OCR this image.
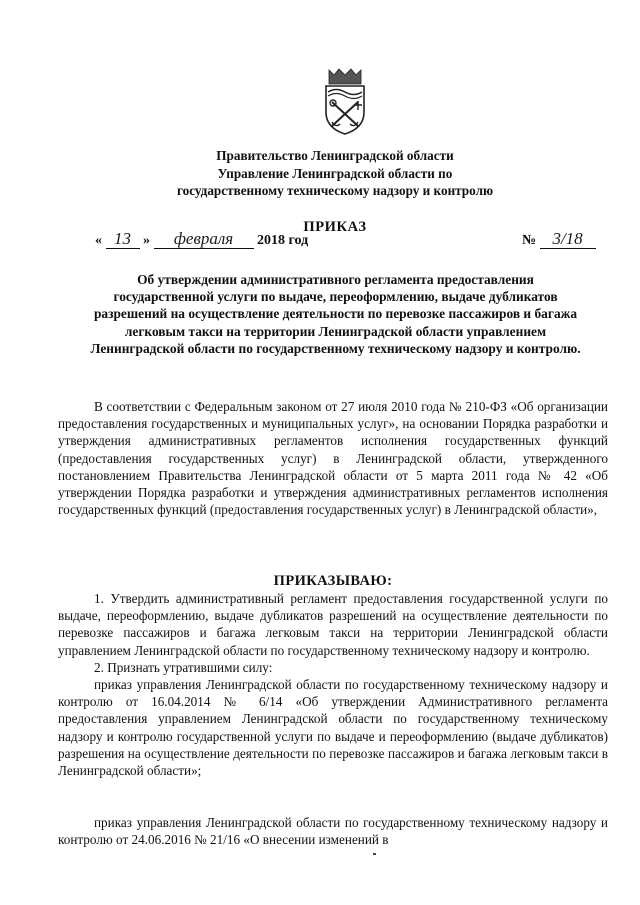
Правительство Ленинградской области
Управление Ленинградской области по
государственному техническому надзору и контролю
ПРИКАЗ
« 13 » февраля 2018 год	№ 3/18
Об утверждении административного регламента предоставления государственной услуги по выдаче, переоформлению, выдаче дубликатов разрешений на осуществление деятельности по перевозке пассажиров и багажа легковым такси на территории Ленинградской области управлением Ленинградской области по государственному техническому надзору и контролю.
В соответствии с Федеральным законом от 27 июля 2010 года № 210-ФЗ «Об организации предоставления государственных и муниципальных услуг», на основании Порядка разработки и утверждения административных регламентов исполнения государственных функций (предоставления государственных услуг) в Ленинградской области, утвержденного постановлением Правительства Ленинградской области от 5 марта 2011 года № 42 «Об утверждении Порядка разработки и утверждения административных регламентов исполнения государственных функций (предоставления государственных услуг) в Ленинградской области»,
ПРИКАЗЫВАЮ:
1. Утвердить административный регламент предоставления государственной услуги по выдаче, переоформлению, выдаче дубликатов разрешений на осуществление деятельности по перевозке пассажиров и багажа легковым такси на территории Ленинградской области управлением Ленинградской области по государственному техническому надзору и контролю.
2. Признать утратившими силу:
приказ управления Ленинградской области по государственному техническому надзору и контролю от 16.04.2014 № 6/14 «Об утверждении Административного регламента предоставления управлением Ленинградской области по государственному техническому надзору и контролю государственной услуги по выдаче и переоформлению (выдаче дубликатов) разрешения на осуществление деятельности по перевозке пассажиров и багажа легковым такси в Ленинградской области»;
приказ управления Ленинградской области по государственному техническому надзору и контролю от 24.06.2016 № 21/16 «О внесении изменений в
